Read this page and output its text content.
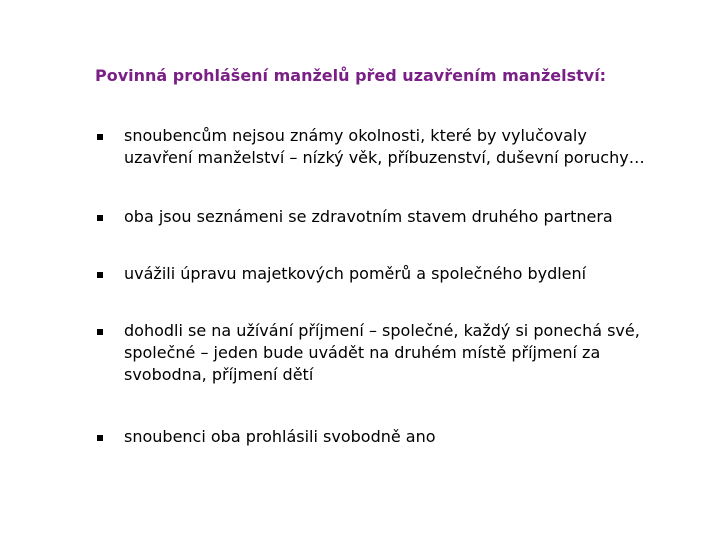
Povinná prohlášení manželů před uzavřením manželství:
snoubencům nejsou známy okolnosti, které by vylučovaly
uzavření manželství – nízký věk, příbuzenství, duševní poruchy…
oba jsou seznámeni se zdravotním stavem druhého partnera
uvážili úpravu majetkových poměrů a společného bydlení
dohodli se na užívání příjmení – společné, každý si ponechá své,
společné – jeden bude uvádět na druhém místě příjmení za
svobodna, příjmení dětí
snoubenci oba prohlásili svobodně ano
